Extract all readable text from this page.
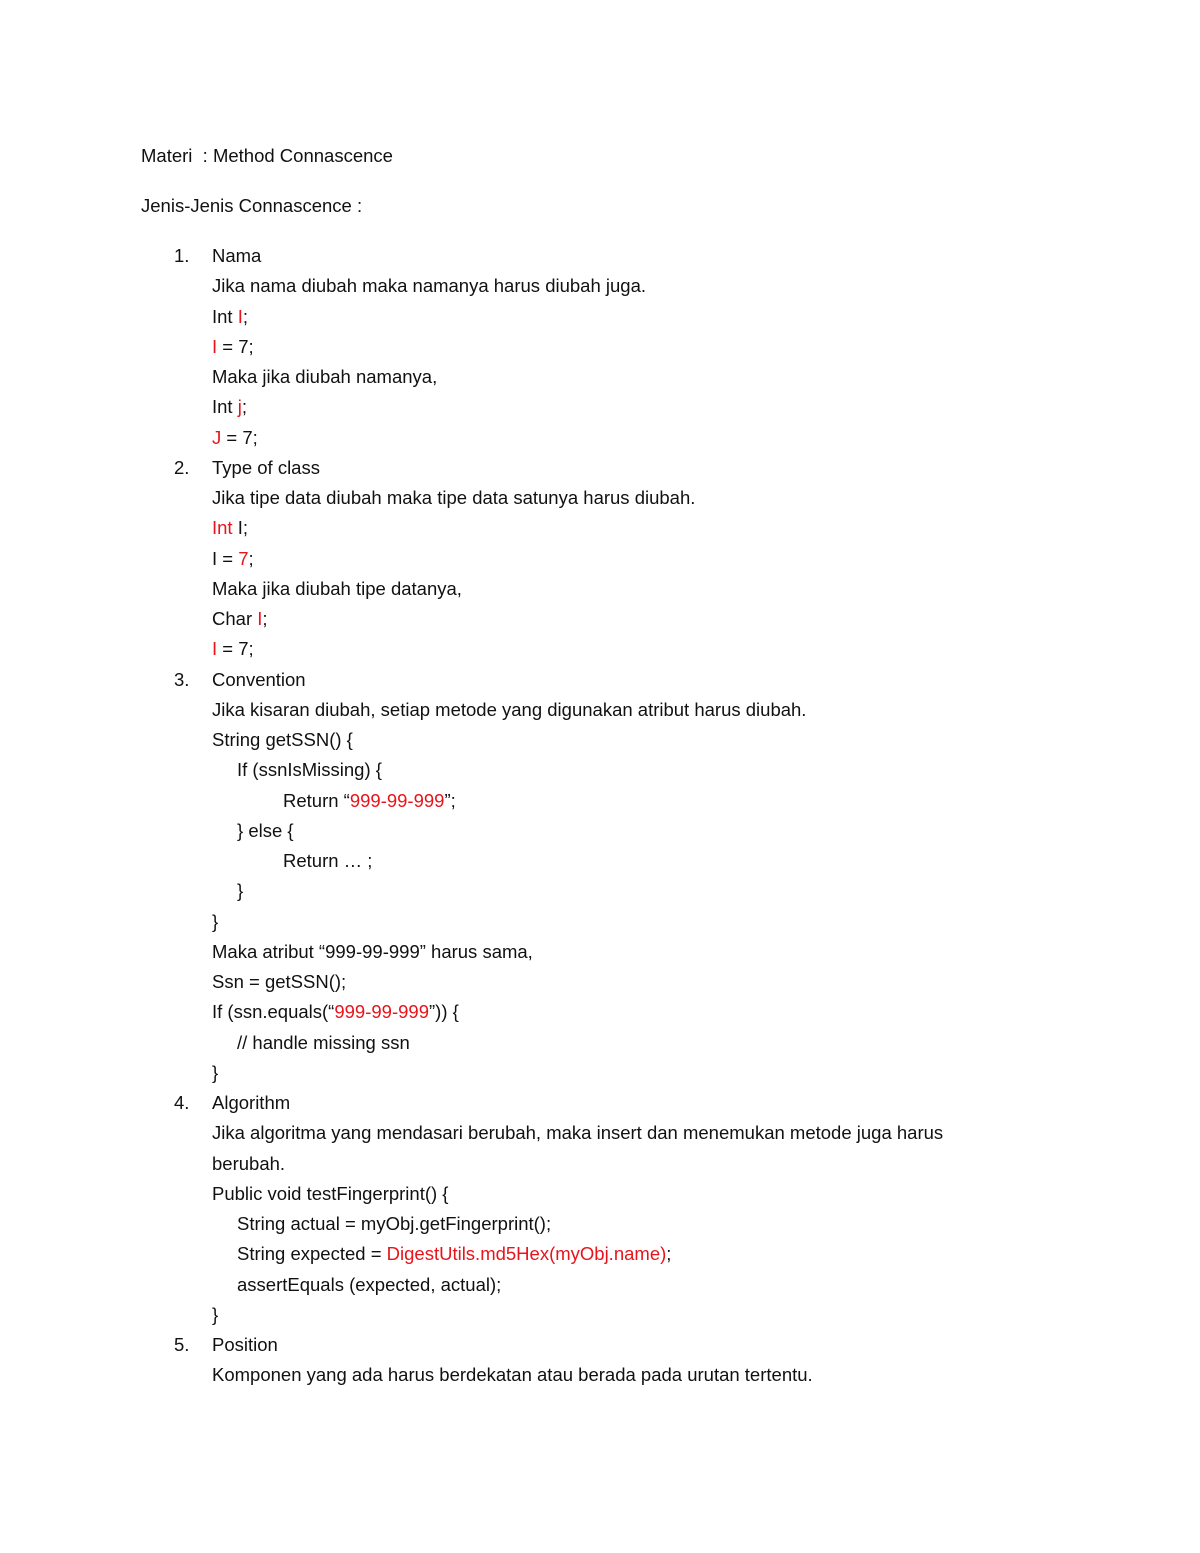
Materi  : Method Connascence
Jenis-Jenis Connascence :
1. Nama
Jika nama diubah maka namanya harus diubah juga.
Int I;
I = 7;
Maka jika diubah namanya,
Int j;
J = 7;
2. Type of class
Jika tipe data diubah maka tipe data satunya harus diubah.
Int I;
I = 7;
Maka jika diubah tipe datanya,
Char I;
I = 7;
3. Convention
Jika kisaran diubah, setiap metode yang digunakan atribut harus diubah.
String getSSN() {
If (ssnIsMissing) {
Return “999-99-999”;
} else {
Return … ;
}
}
Maka atribut “999-99-999” harus sama,
Ssn = getSSN();
If (ssn.equals(“999-99-999”)) {
// handle missing ssn
}
4. Algorithm
Jika algoritma yang mendasari berubah, maka insert dan menemukan metode juga harus
berubah.
Public void testFingerprint() {
String actual = myObj.getFingerprint();
String expected = DigestUtils.md5Hex(myObj.name);
assertEquals (expected, actual);
}
5. Position
Komponen yang ada harus berdekatan atau berada pada urutan tertentu.
